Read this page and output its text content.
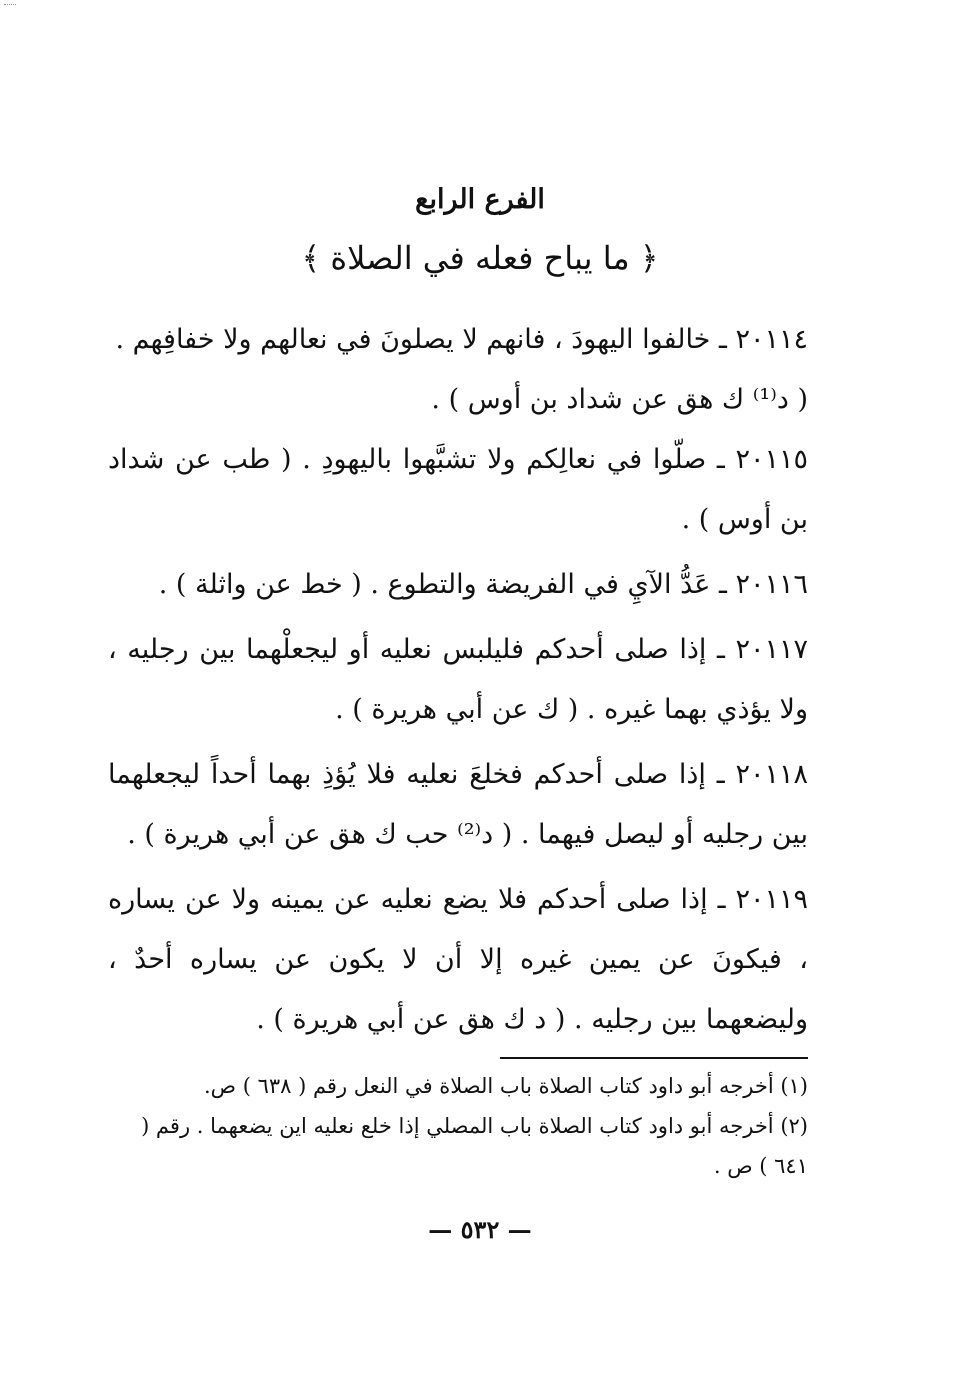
الفرع الرابع
﴿ ما يباح فعله في الصلاة ﴾
٢٠١١٤ ـ خالفوا اليهودَ ، فانهم لا يصلونَ في نعالهم ولا خفافِهم .
( د⁽¹⁾ ك هق عن شداد بن أوس ) .
٢٠١١٥ ـ صلّوا في نعالِكم ولا تشبَّهوا باليهودِ . ( طب عن شداد بن أوس ) .
٢٠١١٦ ـ عَدُّ الآيِ في الفريضة والتطوع . ( خط عن واثلة ) .
٢٠١١٧ ـ إذا صلى أحدكم فليلبس نعليه أو ليجعلْهما بين رجليه ، ولا يؤذي بهما غيره . ( ك عن أبي هريرة ) .
٢٠١١٨ ـ إذا صلى أحدكم فخلعَ نعليه فلا يُؤذِ بهما أحداً ليجعلهما بين رجليه أو ليصل فيهما . ( د⁽²⁾ حب ك هق عن أبي هريرة ) .
٢٠١١٩ ـ إذا صلى أحدكم فلا يضع نعليه عن يمينه ولا عن يساره ، فيكونَ عن يمين غيره إلا أن لا يكون عن يساره أحدٌ ، وليضعهما بين رجليه . ( د ك هق عن أبي هريرة ) .
(١) أخرجه أبو داود كتاب الصلاة باب الصلاة في النعل رقم ( ٦٣٨ ) ص.
(٢) أخرجه أبو داود كتاب الصلاة باب المصلي إذا خلع نعليه اين يضعهما . رقم ( ٦٤١ ) ص .
— ٥٣٢ —
